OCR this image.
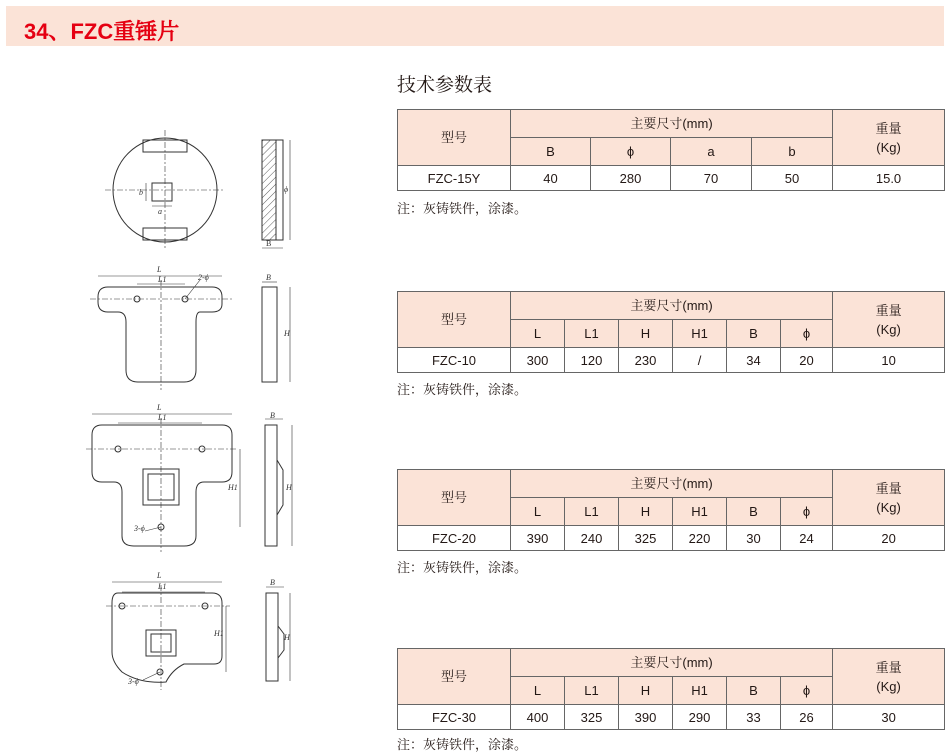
34、FZC重锤片
技术参数表
a
b
B
ϕ
L
L1	2-ϕ	B
H
L
L1
3-ϕ
H1
B
H
L
L1
3-ϕ
H1
B
H
型号	主要尺寸(mm)				重量
(Kg)

	B	ϕ	a	b	
FZC-15Y	40	280	70	50	15.0
注：灰铸铁件，涂漆。
型号	主要尺寸(mm)						重量
(Kg)

	L	L1	H	H1	B	ϕ	
FZC-10	300	120	230	/	34	20	10
注：灰铸铁件，涂漆。
型号	主要尺寸(mm)						重量
(Kg)

	L	L1	H	H1	B	ϕ	
FZC-20	390	240	325	220	30	24	20
注：灰铸铁件，涂漆。
型号	主要尺寸(mm)						重量
(Kg)

	L	L1	H	H1	B	ϕ	
FZC-30	400	325	390	290	33	26	30
注：灰铸铁件，涂漆。
